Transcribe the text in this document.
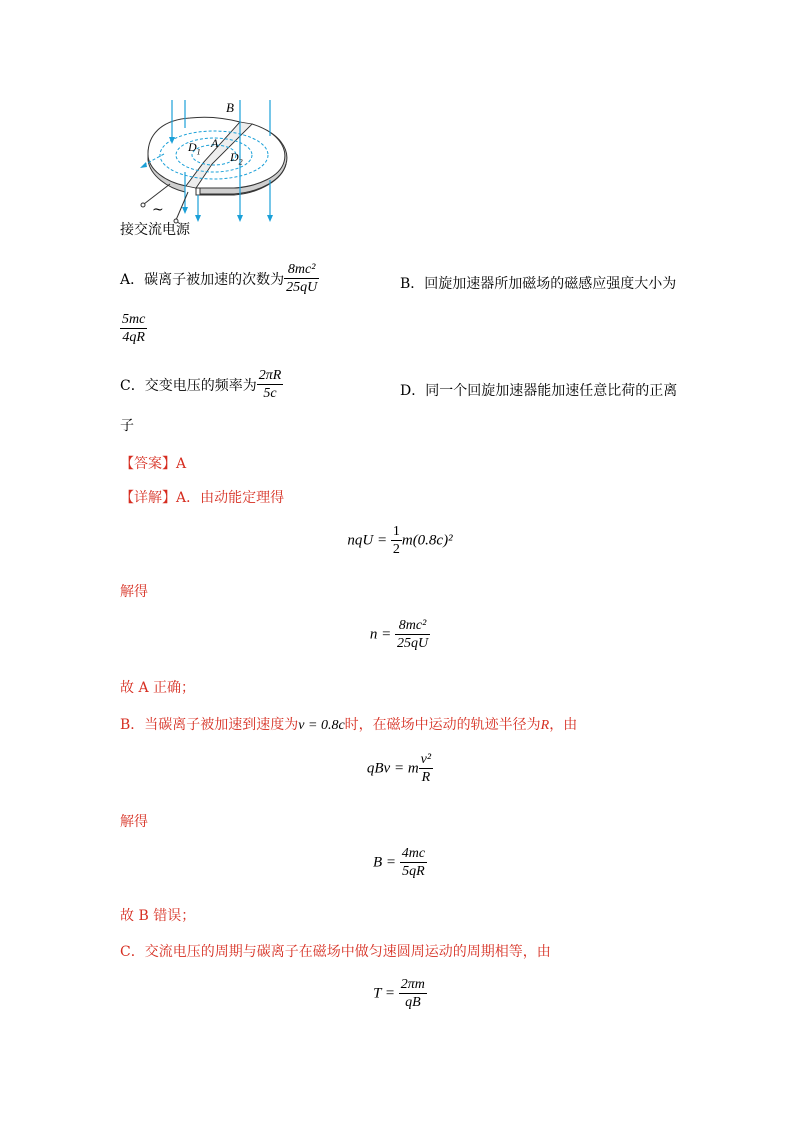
B
A
$D_1$ $D_2$
~
接交流电源
A．碳离子被加速的次数为 $\frac{\text{8mc²}}{25qU}$	B．回旋加速器所加磁场的磁感应强度大小为
$\frac{5mc}{4qR}$
C．交变电压的频率为 $\frac{2\pi R}{5c}$	D．同一个回旋加速器能加速任意比荷的正离
子
【答案】A
【详解】A．由动能定理得
nqU = $\frac{1}{2} m(0.8c)^2$
解得
$n = \frac{\text{8mc²}}{25qU}$
故 A 正确；
B．当碳离子被加速到速度为v = 0.8c时，在磁场中运动的轨迹半径为R，由
qBv = m $\frac{\text{v²}}{R}$
解得
$B = \frac{4mc}{5qR}$
故 B 错误；
C．交流电压的周期与碳离子在磁场中做匀速圆周运动的周期相等，由
$T = \frac{2\pi m}{qB}$
